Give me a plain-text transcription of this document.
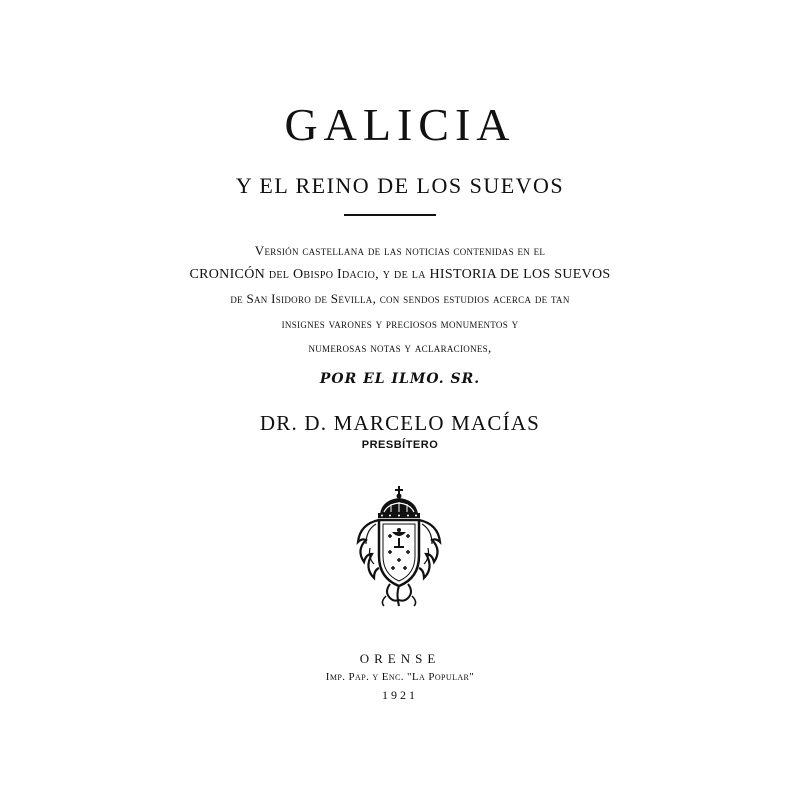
GALICIA
Y EL REINO DE LOS SUEVOS
Versión castellana de las noticias contenidas en el
CRONICÓN del Obispo Idacio, y de la HISTORIA DE LOS SUEVOS
de San Isidoro de Sevilla, con sendos estudios acerca de tan
insignes varones y preciosos monumentos y
numerosas notas y aclaraciones,
POR EL ILMO. SR.
DR. D. MARCELO MACÍAS
PRESBÍTERO
ORENSE
Imp. Pap. y Enc. "La Popular"
1921
